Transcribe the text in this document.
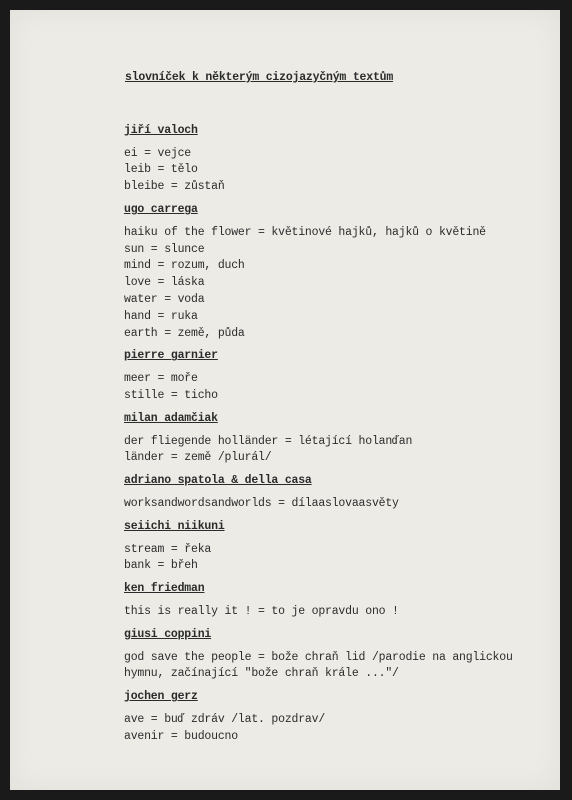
slovníček k některým cizojazyčným textům
jiří valoch
ei = vejce
leib = tělo
bleibe = zůstaň
ugo carrega
haiku of the flower = květinové hajků, hajků o květině
sun = slunce
mind = rozum, duch
love = láska
water = voda
hand = ruka
earth = země, půda
pierre garnier
meer = moře
stille = ticho
milan adamčiak
der fliegende holländer = létající holanďan
länder = země /plurál/
adriano spatola & della casa
worksandwordsandworlds = dílaaslovaasvěty
seiichi niikuni
stream = řeka
bank = břeh
ken friedman
this is really it ! = to je opravdu ono !
giusi coppini
god save the people = bože chraň lid /parodie na anglickou hymnu, začínající "bože chraň krále ..."/
jochen gerz
ave = buď zdráv /lat. pozdrav/
avenir = budoucno
